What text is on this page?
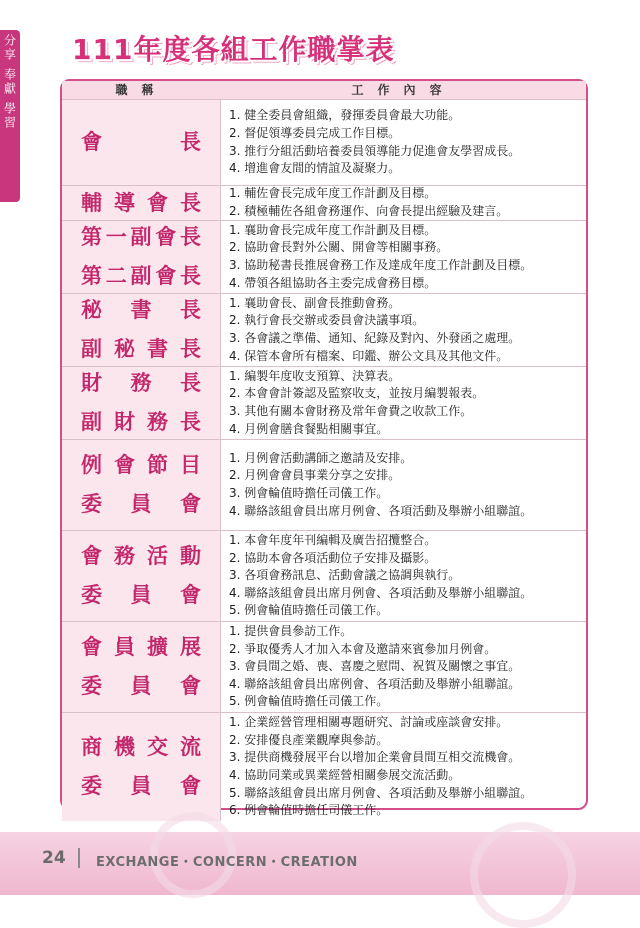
分享
奉獻
學習
111年度各組工作職掌表
職稱	工作內容
會	長
1. 健全委員會組織，發揮委員會最大功能。
2. 督促領導委員完成工作目標。
3. 推行分組活動培養委員領導能力促進會友學習成長。
4. 增進會友間的情誼及凝聚力。
輔 導 會 長 1. 輔佐會長完成年度工作計劃及目標。
2. 積極輔佐各組會務運作、向會長提出經驗及建言。
第 一 副 會 長
第 二 副 會 長
1. 襄助會長完成年度工作計劃及目標。
2. 協助會長對外公關、開會等相關事務。
3. 協助秘書長推展會務工作及達成年度工作計劃及目標。
4. 帶領各組協助各主委完成會務目標。
秘 書 長
副 秘 書 長
1. 襄助會長、副會長推動會務。
2. 執行會長交辦或委員會決議事項。
3. 各會議之準備、通知、紀錄及對內、外發函之處理。
4. 保管本會所有檔案、印鑑、辦公文具及其他文件。
財 務 長
副 財 務 長
1. 編製年度收支預算、決算表。
2. 本會會計簽認及監察收支，並按月編製報表。
3. 其他有關本會財務及常年會費之收款工作。
4. 月例會膳食餐點相關事宜。
例 會 節 目
委 員 會
1. 月例會活動講師之邀請及安排。
2. 月例會會員事業分享之安排。
3. 例會輪值時擔任司儀工作。
4. 聯絡該組會員出席月例會、各項活動及舉辦小組聯誼。
會 務 活 動
委 員 會
1. 本會年度年刊編輯及廣告招攬整合。
2. 協助本會各項活動位子安排及攝影。
3. 各項會務訊息、活動會議之協調與執行。
4. 聯絡該組會員出席月例會、各項活動及舉辦小組聯誼。
5. 例會輪值時擔任司儀工作。
會 員 擴 展
委 員 會
1. 提供會員參訪工作。
2. 爭取優秀人才加入本會及邀請來賓參加月例會。
3. 會員間之婚、喪、喜慶之慰問、祝賀及關懷之事宜。
4. 聯絡該組會員出席例會、各項活動及舉辦小組聯誼。
5. 例會輪值時擔任司儀工作。
商 機 交 流
委 員 會
1. 企業經營管理相關專題研究、討論或座談會安排。
2. 安排優良產業觀摩與參訪。
3. 提供商機發展平台以增加企業會員間互相交流機會。
4. 協助同業或異業經營相關參展交流活動。
5. 聯絡該組會員出席月例會、各項活動及舉辦小組聯誼。
6. 例會輪值時擔任司儀工作。
24 EXCHANGE・CONCERN・CREATION
